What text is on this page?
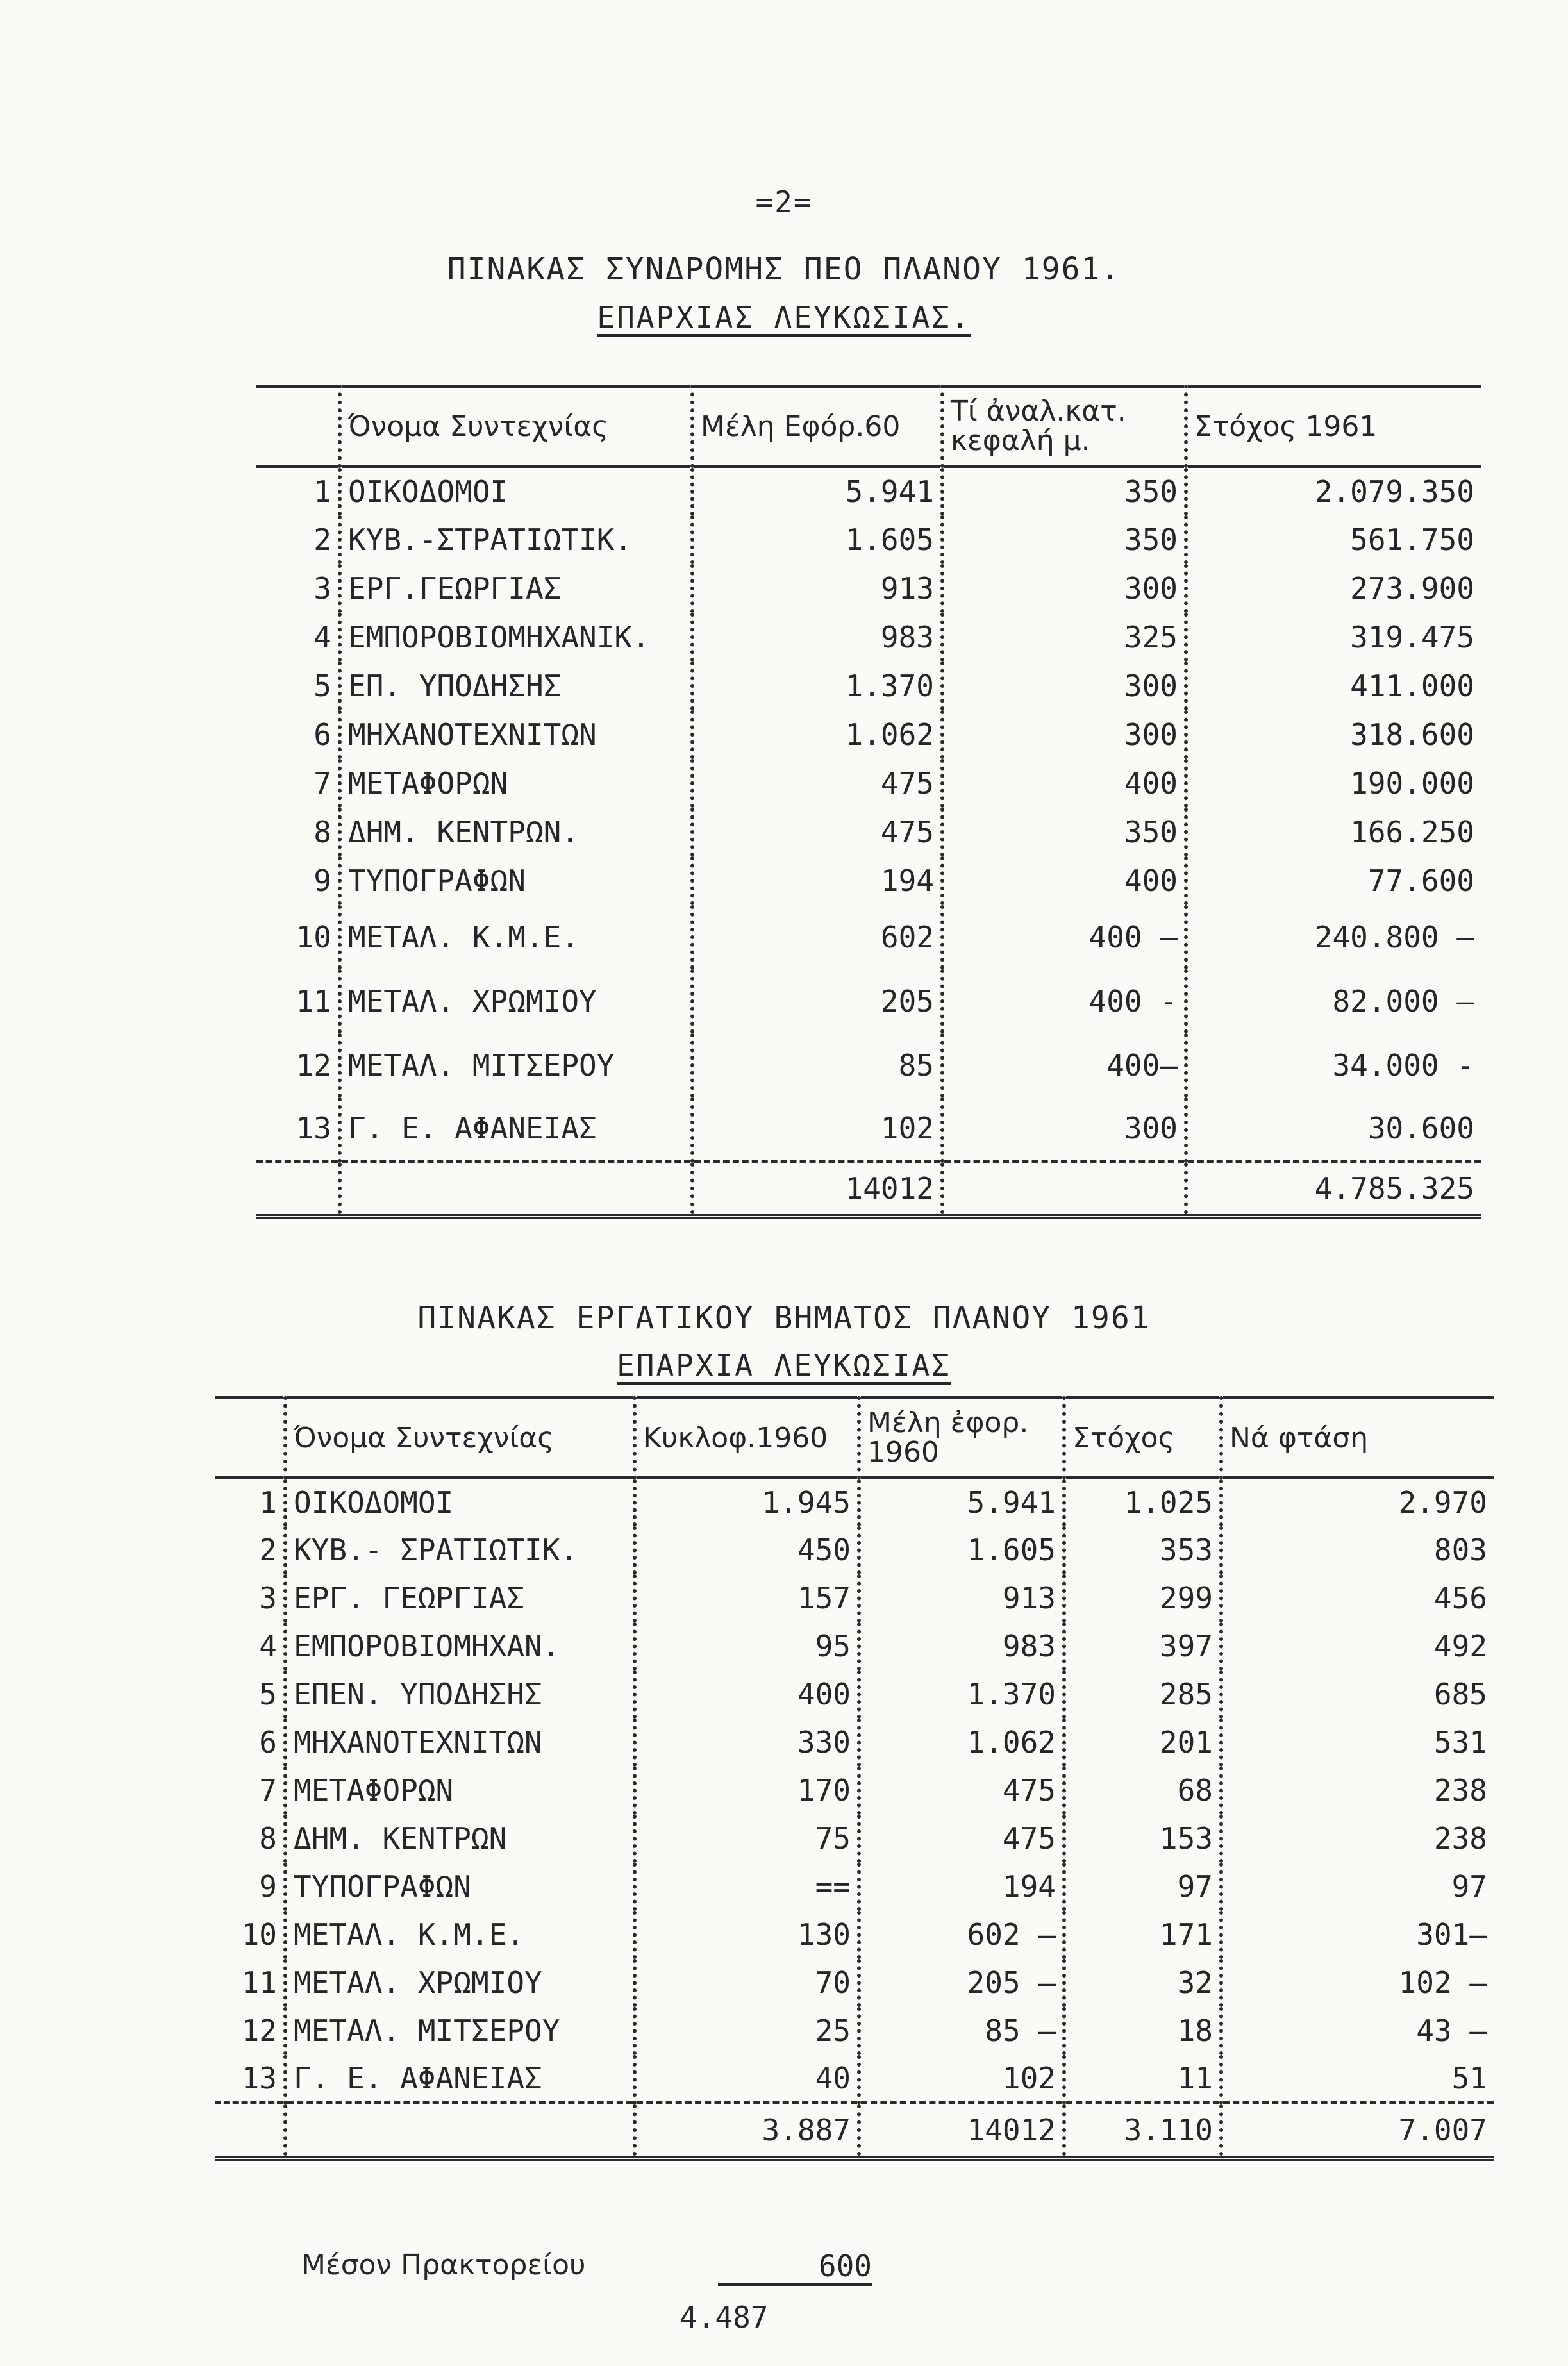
=2=
ΠΙΝΑΚΑΣ ΣΥΝΔΡΟΜΗΣ ΠΕΟ ΠΛΑΝΟΥ 1961.
ΕΠΑΡΧΙΑΣ ΛΕΥΚΩΣΙΑΣ.
	Όνομα Συντεχνίας	Μέλη Εφόρ.60	Τί ἀναλ.κατ. κεφαλή μ.	Στόχος 1961
1	ΟΙΚΟΔΟΜΟΙ	5.941	350	2.079.350
2	ΚΥΒ.-ΣΤΡΑΤΙΩΤΙΚ.	1.605	350	561.750
3	ΕΡΓ.ΓΕΩΡΓΙΑΣ	913	300	273.900
4	ΕΜΠΟΡΟΒΙΟΜΗΧΑΝΙΚ.	983	325	319.475
5	ΕΠ. ΥΠΟΔΗΣΗΣ	1.370	300	411.000
6	ΜΗΧΑΝΟΤΕΧΝΙΤΩΝ	1.062	300	318.600
7	ΜΕΤΑΦΟΡΩΝ	475	400	190.000
8	ΔΗΜ. ΚΕΝΤΡΩΝ.	475	350	166.250
9	ΤΥΠΟΓΡΑΦΩΝ	194	400	77.600
10	ΜΕΤΑΛ. Κ.Μ.Ε.	602	400 —	240.800 —
11	ΜΕΤΑΛ. ΧΡΩΜΙΟΥ	205	400 -	82.000 —
12	ΜΕΤΑΛ. ΜΙΤΣΕΡΟΥ	85	400—	34.000 -
13	Γ. Ε. ΑΦΑΝΕΙΑΣ	102	300	30.600
		14012		4.785.325
ΠΙΝΑΚΑΣ ΕΡΓΑΤΙΚΟΥ ΒΗΜΑΤΟΣ ΠΛΑΝΟΥ 1961
ΕΠΑΡΧΙΑ ΛΕΥΚΩΣΙΑΣ
	Όνομα Συντεχνίας	Κυκλοφ.1960	Μέλη ἐφορ. 1960	Στόχος	Νά φτάση
1	ΟΙΚΟΔΟΜΟΙ	1.945	5.941	1.025	2.970
2	ΚΥΒ.- ΣΡΑΤΙΩΤΙΚ.	450	1.605	353	803
3	ΕΡΓ. ΓΕΩΡΓΙΑΣ	157	913	299	456
4	ΕΜΠΟΡΟΒΙΟΜΗΧΑΝ.	95	983	397	492
5	ΕΠΕΝ. ΥΠΟΔΗΣΗΣ	400	1.370	285	685
6	ΜΗΧΑΝΟΤΕΧΝΙΤΩΝ	330	1.062	201	531
7	ΜΕΤΑΦΟΡΩΝ	170	475	68	238
8	ΔΗΜ. ΚΕΝΤΡΩΝ	75	475	153	238
9	ΤΥΠΟΓΡΑΦΩΝ	==	194	97	97
10	ΜΕΤΑΛ. Κ.Μ.Ε.	130	602 —	171	301—
11	ΜΕΤΑΛ. ΧΡΩΜΙΟΥ	70	205 —	32	102 —
12	ΜΕΤΑΛ. ΜΙΤΣΕΡΟΥ	25	85 —	18	43 —
13	Γ. Ε. ΑΦΑΝΕΙΑΣ	40	102	11	51
		3.887	14012	3.110	7.007
Μέσον Πρακτορείου	600
4.487
